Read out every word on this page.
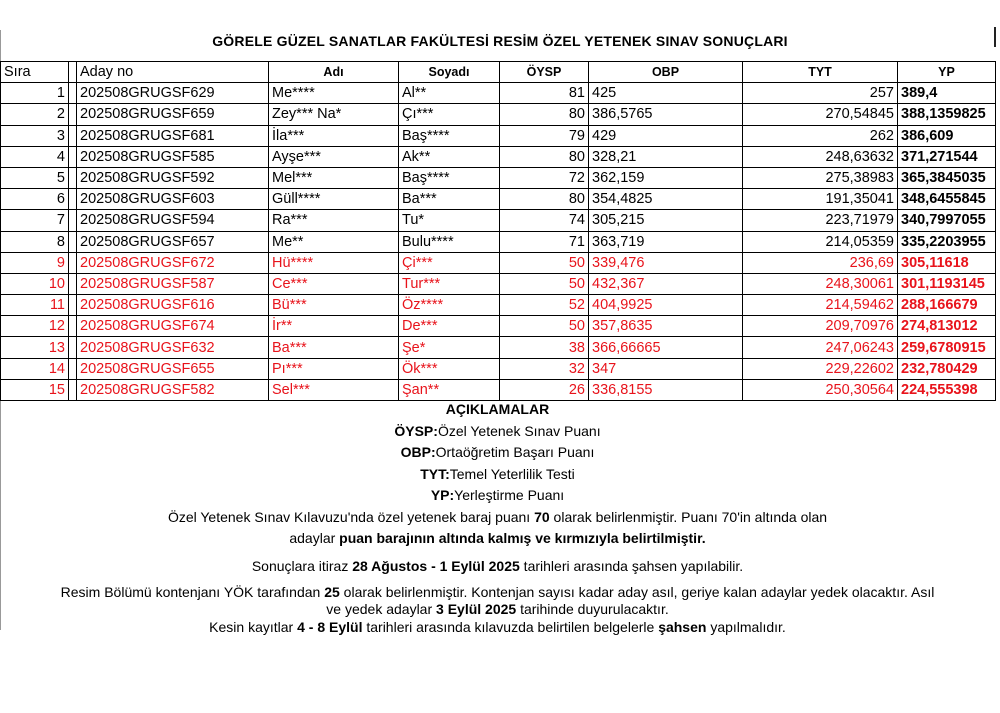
GÖRELE GÜZEL SANATLAR FAKÜLTESİ RESİM ÖZEL YETENEK SINAV SONUÇLARI
Sıra		Aday no	Adı	Soyadı	ÖYSP	OBP	TYT	YP
1		202508GRUGSF629	Me****	Al**	81	425	257	389,4
2		202508GRUGSF659	Zey*** Na*	Çı***	80	386,5765	270,54845	388,1359825
3		202508GRUGSF681	İla***	Baş****	79	429	262	386,609
4		202508GRUGSF585	Ayşe***	Ak**	80	328,21	248,63632	371,271544
5		202508GRUGSF592	Mel***	Baş****	72	362,159	275,38983	365,3845035
6		202508GRUGSF603	Güll****	Ba***	80	354,4825	191,35041	348,6455845
7		202508GRUGSF594	Ra***	Tu*	74	305,215	223,71979	340,7997055
8		202508GRUGSF657	Me**	Bulu****	71	363,719	214,05359	335,2203955
9		202508GRUGSF672	Hü****	Çi***	50	339,476	236,69	305,11618
10		202508GRUGSF587	Ce***	Tur***	50	432,367	248,30061	301,1193145
11		202508GRUGSF616	Bü***	Öz****	52	404,9925	214,59462	288,166679
12		202508GRUGSF674	İr**	De***	50	357,8635	209,70976	274,813012
13		202508GRUGSF632	Ba***	Şe*	38	366,66665	247,06243	259,6780915
14		202508GRUGSF655	Pı***	Ök***	32	347	229,22602	232,780429
15		202508GRUGSF582	Sel***	Şan**	26	336,8155	250,30564	224,555398

AÇIKLAMALAR

ÖYSP:Özel Yetenek Sınav Puanı

OBP:Ortaöğretim Başarı Puanı

TYT:Temel Yeterlilik Testi

YP:Yerleştirme Puanı

Özel Yetenek Sınav Kılavuzu'nda özel yetenek baraj puanı 70 olarak belirlenmiştir. Puanı 70'in altında olan

adaylar puan barajının altında kalmış ve kırmızıyla belirtilmiştir.

Sonuçlara itiraz 28 Ağustos - 1 Eylül 2025 tarihleri arasında şahsen yapılabilir.

Resim Bölümü kontenjanı YÖK tarafından 25 olarak belirlenmiştir. Kontenjan sayısı kadar aday asıl, geriye kalan adaylar yedek olacaktır. Asıl

ve yedek adaylar 3 Eylül 2025 tarihinde duyurulacaktır.

Kesin kayıtlar 4 - 8 Eylül tarihleri arasında kılavuzda belirtilen belgelerle şahsen yapılmalıdır.
